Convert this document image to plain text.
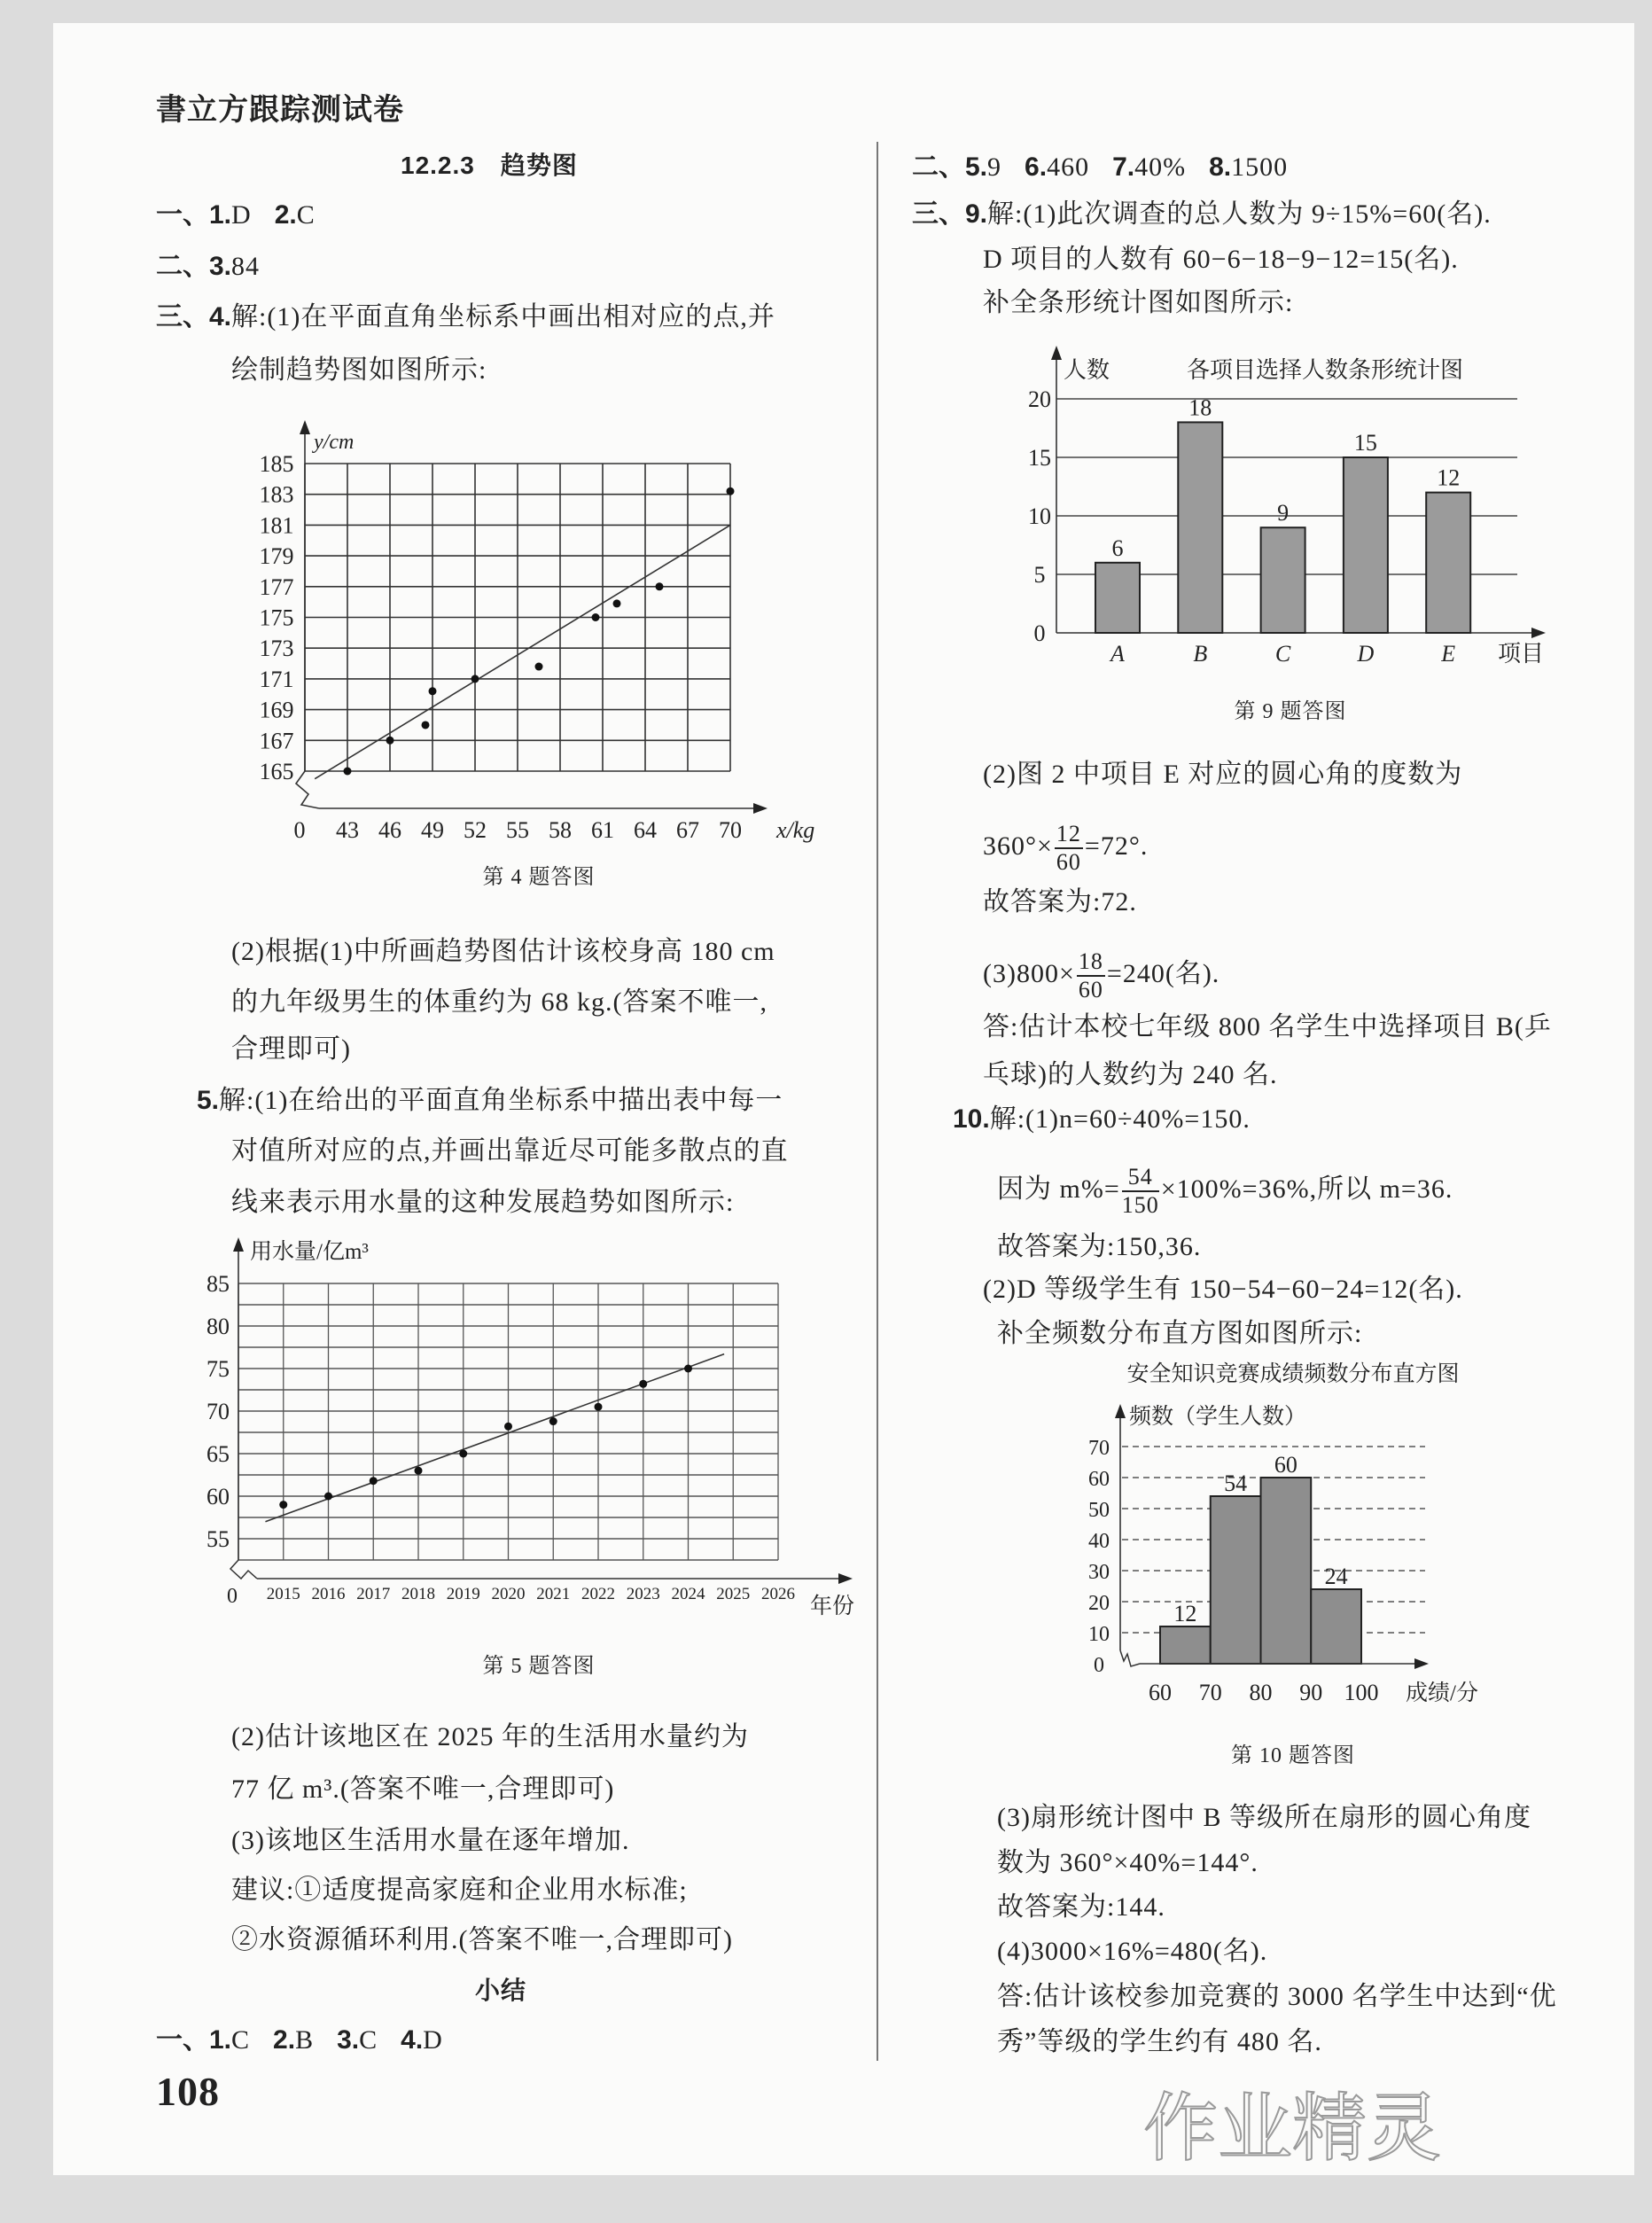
書立方跟踪测试卷
12.2.3　趋势图
一、1.D 2.C
二、3.84
三、4.解:(1)在平面直角坐标系中画出相对应的点,并
绘制趋势图如图所示:
第 4 题答图
(2)根据(1)中所画趋势图估计该校身高 180 cm
的九年级男生的体重约为 68 kg.(答案不唯一,
合理即可)
5.解:(1)在给出的平面直角坐标系中描出表中每一
对值所对应的点,并画出靠近尽可能多散点的直
线来表示用水量的这种发展趋势如图所示:
第 5 题答图
(2)估计该地区在 2025 年的生活用水量约为
77 亿 m³.(答案不唯一,合理即可)
(3)该地区生活用水量在逐年增加.
建议:①适度提高家庭和企业用水标准;
②水资源循环利用.(答案不唯一,合理即可)
小结
一、1.C 2.B 3.C 4.D
108
二、5.9 6.460 7.40% 8.1500
三、9.解:(1)此次调查的总人数为 9÷15%=60(名).
D 项目的人数有 60−6−18−9−12=15(名).
补全条形统计图如图所示:
第 9 题答图
(2)图 2 中项目 E 对应的圆心角的度数为
$360^\circ\times \frac{12}{60} =72^\circ$.
故答案为:72.
$(3)800\times \frac{18}{60} =240$(名).
答:估计本校七年级 800 名学生中选择项目 B(乒
乓球)的人数约为 240 名.
10.解:(1)n=60÷40%=150.
因为 $m\%= \frac{54}{150} \times 100\%=36\%$,所以 m=36.
故答案为:150,36.
(2)D 等级学生有 150−54−60−24=12(名).
补全频数分布直方图如图所示:
第 10 题答图
(3)扇形统计图中 B 等级所在扇形的圆心角度
数为 360°×40%=144°.
故答案为:144.
(4)3000×16%=480(名).
答:估计该校参加竞赛的 3000 名学生中达到“优
秀”等级的学生约有 480 名.
作业精灵
0 43 46 49 52 55 58 61 64 67 70
165
167
169
171
173
175
177
179
181
183
185
y/cm
x/kg
0 2015 2016 2017 2018 2019 2020 2021 2022 2023 2024 2025 2026
55
60
65
70
75
80
85
用水量/亿m³
年份
0
5
10
15
20
6
A
18
B
9
C
15
D
12
E
人数	各项目选择人数条形统计图
项目
12
54
60
24
0
10
20
30
40
50
60
70
60 70 80 90 100
频数（学生人数）
安全知识竞赛成绩频数分布直方图
成绩/分
